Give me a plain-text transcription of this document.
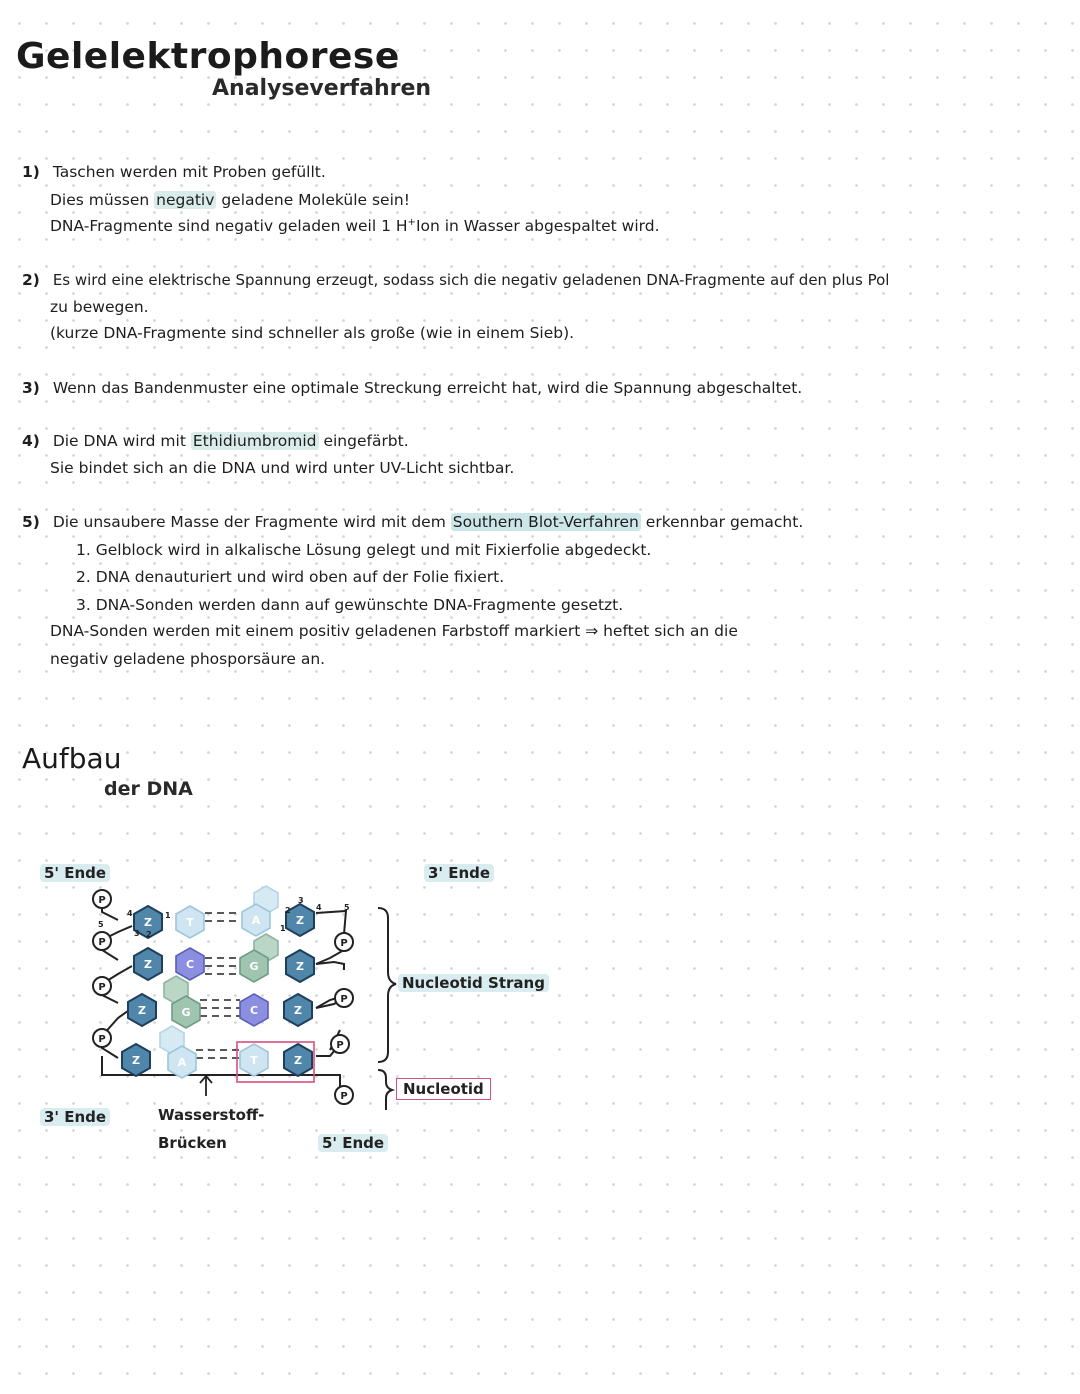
Gelelektrophorese
Analyseverfahren
1) Taschen werden mit Proben gefüllt.
Dies müssen negativ geladene Moleküle sein!
DNA-Fragmente sind negativ geladen weil 1 H+Ion in Wasser abgespaltet wird.
2) Es wird eine elektrische Spannung erzeugt, sodass sich die negativ geladenen DNA-Fragmente auf den plus Pol
zu bewegen.
(kurze DNA-Fragmente sind schneller als große (wie in einem Sieb).
3) Wenn das Bandenmuster eine optimale Streckung erreicht hat, wird die Spannung abgeschaltet.
4) Die DNA wird mit Ethidiumbromid eingefärbt.
Sie bindet sich an die DNA und wird unter UV-Licht sichtbar.
5) Die unsaubere Masse der Fragmente wird mit dem Southern Blot-Verfahren erkennbar gemacht.
1. Gelblock wird in alkalische Lösung gelegt und mit Fixierfolie abgedeckt.
2. DNA denauturiert und wird oben auf der Folie fixiert.
3. DNA-Sonden werden dann auf gewünschte DNA-Fragmente gesetzt.
DNA-Sonden werden mit einem positiv geladenen Farbstoff markiert ⇒ heftet sich an die
negativ geladene phosporsäure an.
Aufbau
der DNA
5' Ende	3' Ende
Nucleotid Strang
Nucleotid
3' Ende	Wasserstoff-
Brücken	5' Ende
Z
Z
Z
Z
Z
Z
Z
Z
T
C
G
A
A
G
C
T
P
P
P
P
P
P
P
P
5
4
3 2
1
5
4
3
2
1
